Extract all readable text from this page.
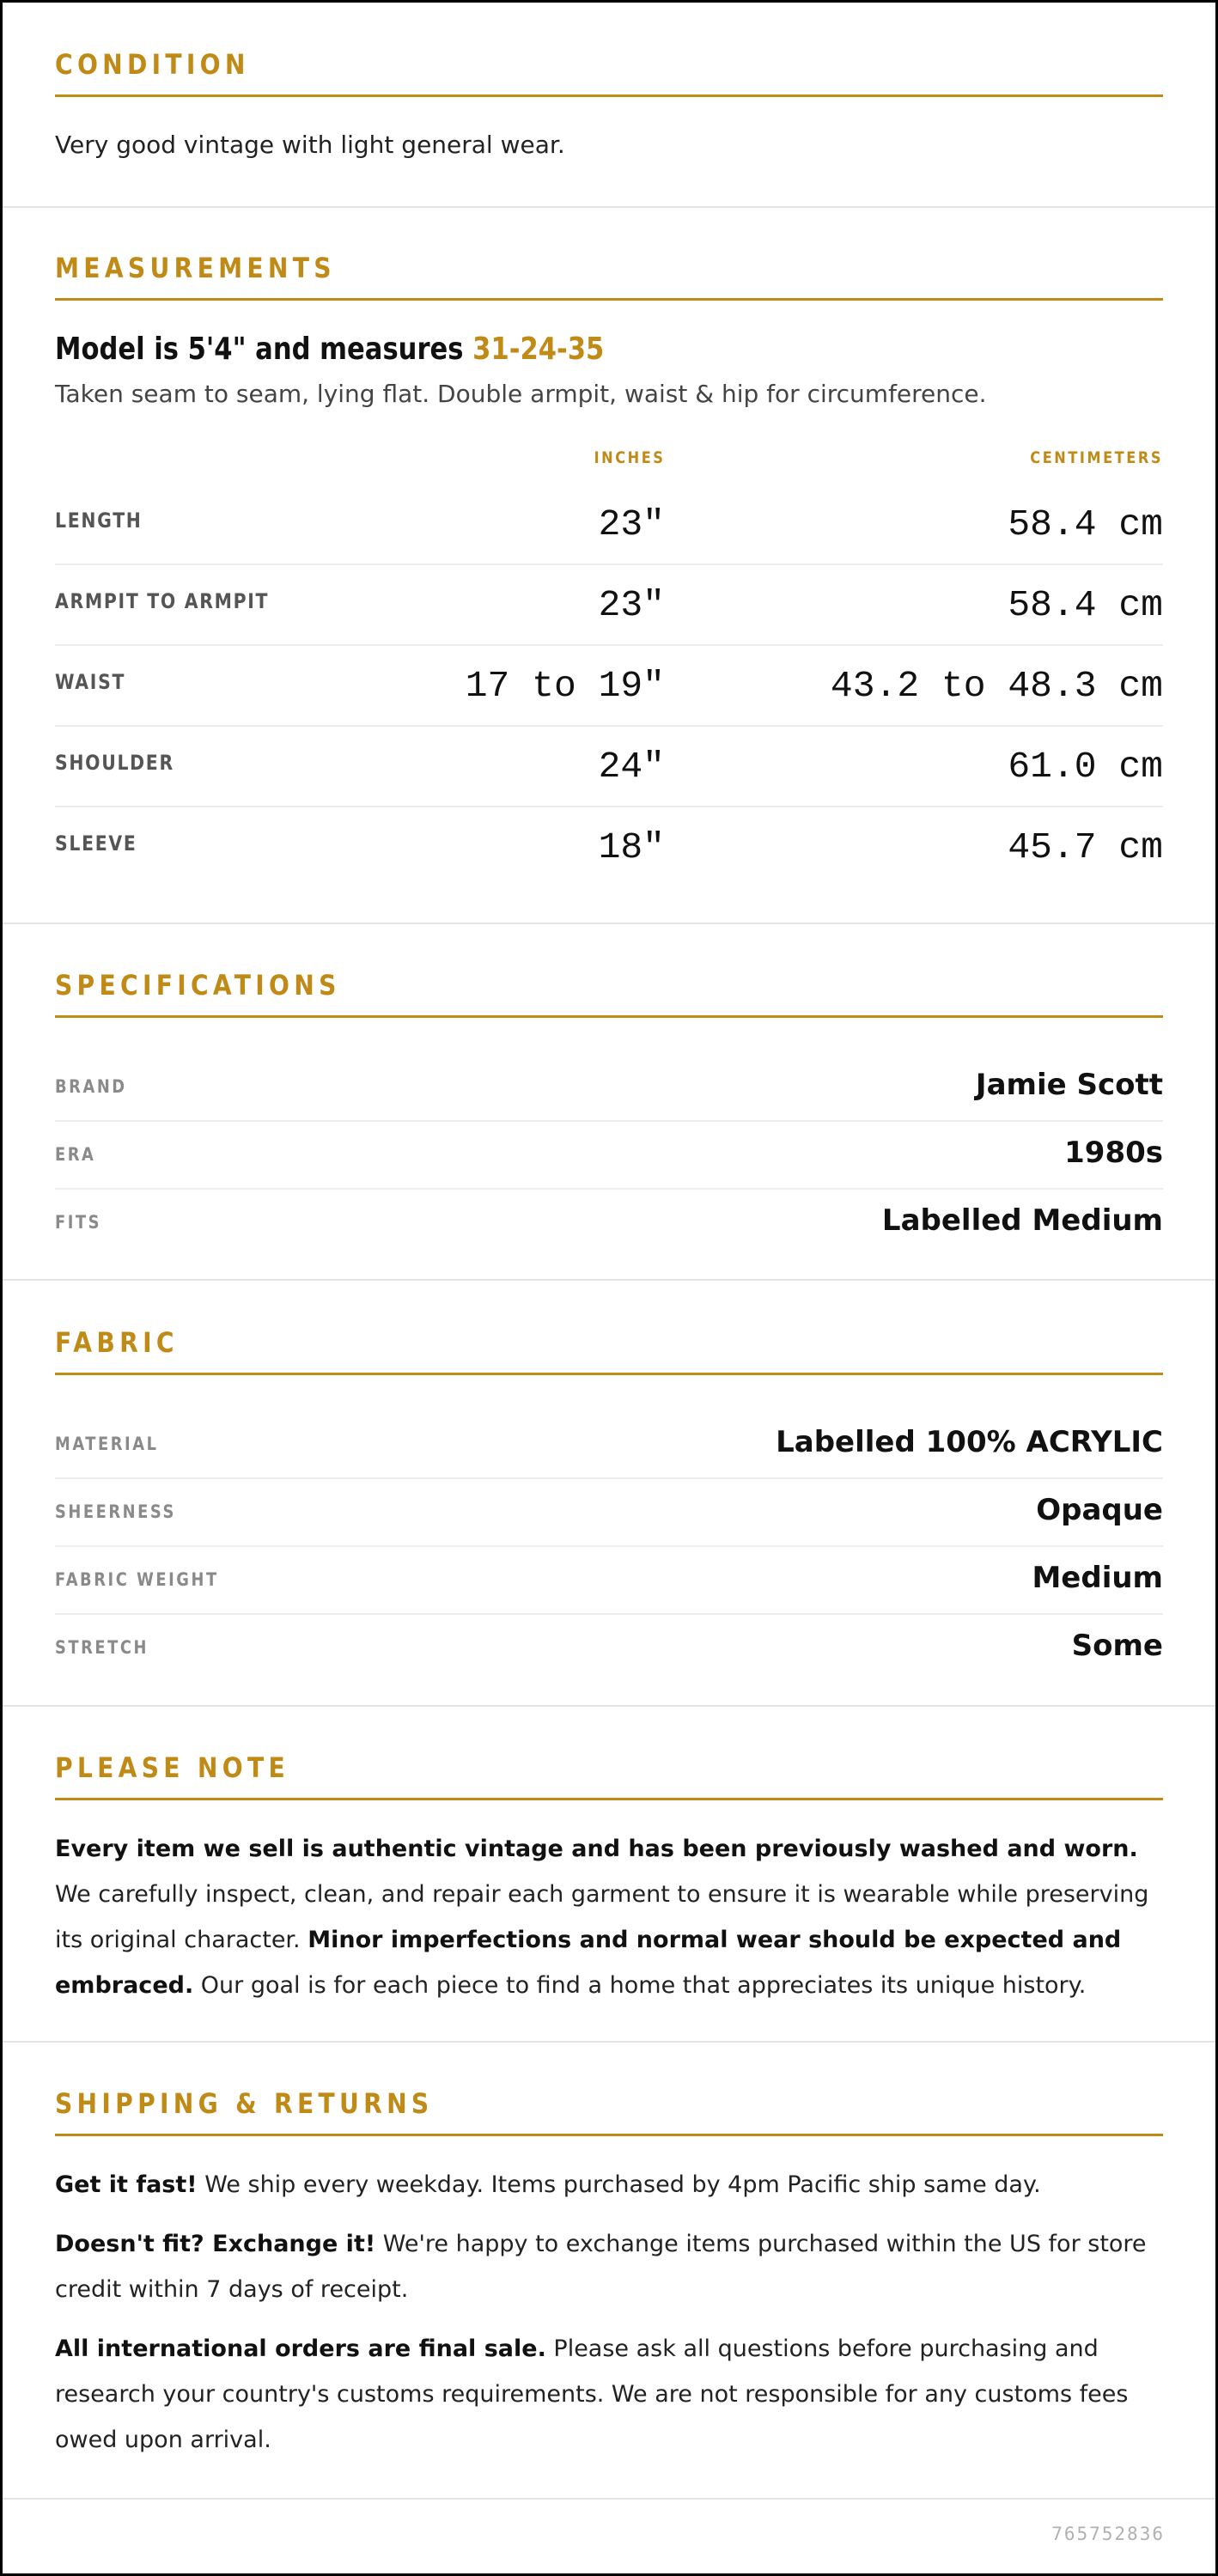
CONDITION
Very good vintage with light general wear.
MEASUREMENTS
Model is 5'4" and measures 31-24-35
Taken seam to seam, lying flat. Double armpit, waist & hip for circumference.
INCHES	CENTIMETERS
LENGTH	23"	58.4 cm
ARMPIT TO ARMPIT	23"	58.4 cm
WAIST	17 to 19"	43.2 to 48.3 cm
SHOULDER	24"	61.0 cm
SLEEVE	18"	45.7 cm
SPECIFICATIONS
BRAND	Jamie Scott
ERA	1980s
FITS	Labelled Medium
FABRIC
MATERIAL	Labelled 100% ACRYLIC
SHEERNESS	Opaque
FABRIC WEIGHT	Medium
STRETCH	Some
PLEASE NOTE
Every item we sell is authentic vintage and has been previously washed and worn. We carefully inspect, clean, and repair each garment to ensure it is wearable while preserving its original character. Minor imperfections and normal wear should be expected and embraced. Our goal is for each piece to find a home that appreciates its unique history.
SHIPPING & RETURNS
Get it fast! We ship every weekday. Items purchased by 4pm Pacific ship same day.
Doesn't fit? Exchange it! We're happy to exchange items purchased within the US for store credit within 7 days of receipt.
All international orders are final sale. Please ask all questions before purchasing and research your country's customs requirements. We are not responsible for any customs fees owed upon arrival.
765752836
